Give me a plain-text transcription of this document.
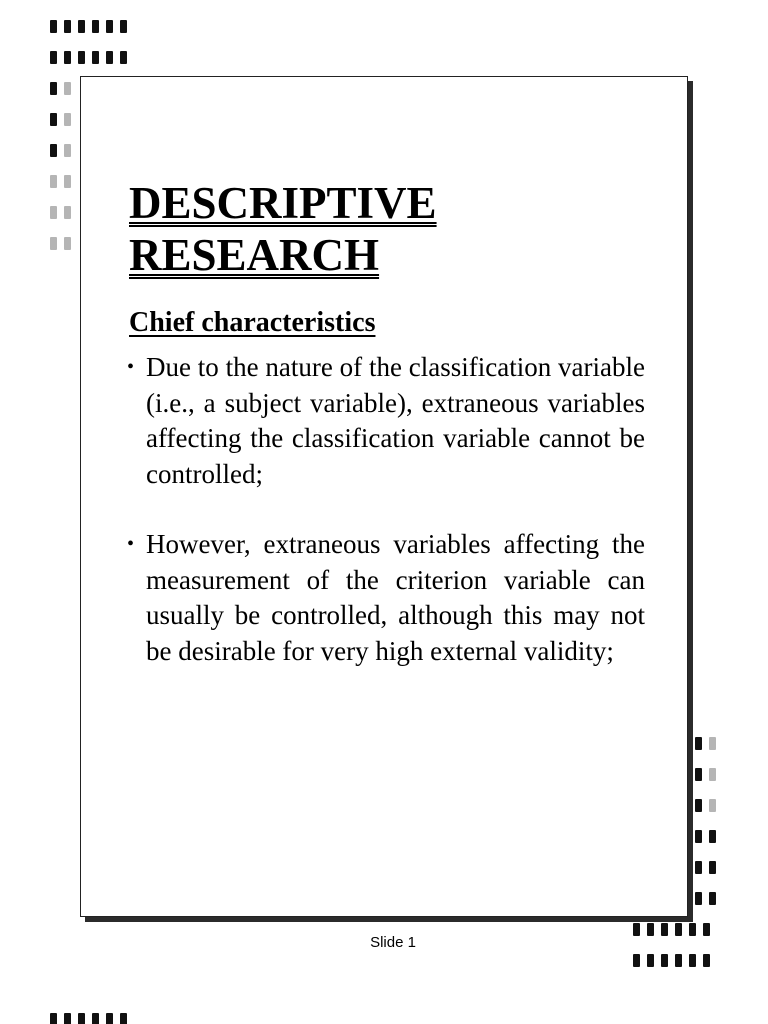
DESCRIPTIVE
RESEARCH
Chief characteristics
• Due to the nature of the classification variable (i.e., a subject variable), extraneous variables affecting the classification variable cannot be controlled;
• However, extraneous variables affecting the measurement of the criterion variable can usually be controlled, although this may not be desirable for very high external validity;
Slide 1
